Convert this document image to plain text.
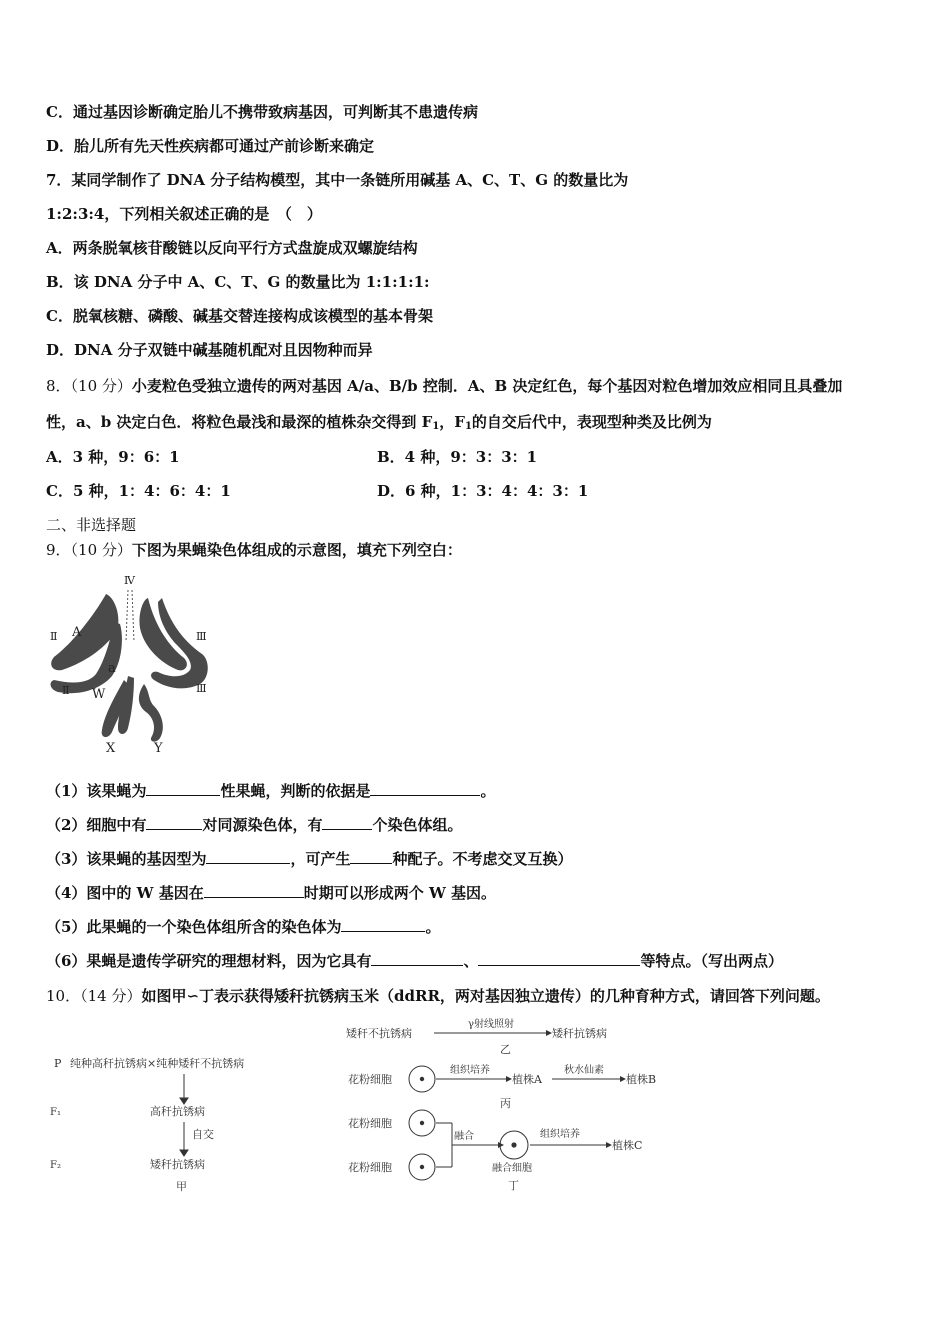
C．通过基因诊断确定胎儿不携带致病基因，可判断其不患遗传病
D．胎儿所有先天性疾病都可通过产前诊断来确定
7．某同学制作了 DNA 分子结构模型，其中一条链所用碱基 A、C、T、G 的数量比为
1:2:3:4，下列相关叙述正确的是　（　）
A．两条脱氧核苷酸链以反向平行方式盘旋成双螺旋结构
B．该 DNA 分子中 A、C、T、G 的数量比为 1:1:1:1:
C．脱氧核糖、磷酸、碱基交替连接构成该模型的基本骨架
D．DNA 分子双链中碱基随机配对且因物种而异
8．（10 分）小麦粒色受独立遗传的两对基因 A/a、B/b 控制．A、B 决定红色，每个基因对粒色增加效应相同且具叠加
性，a、b 决定白色．将粒色最浅和最深的植株杂交得到 $F_1$，$F_1$的自交后代中，表现型种类及比例为
A．3 种，9：6：1	B．4 种，9：3：3：1
C．5 种，1：4：6：4：1	D．6 种，1：3：4：4：3：1
二、非选择题
9．（10 分）下图为果蝇染色体组成的示意图，填充下列空白：
Ⅳ
Ⅱ	Ⅲ
A
a
Ⅱ	Ⅲ
W
X	Y
（1）该果蝇为	性果蝇，判断的依据是	。
（2）细胞中有	对同源染色体，有	个染色体组。
（3）该果蝇的基因型为	，可产生	种配子。不考虑交叉互换）
（4）图中的 W 基因在	时期可以形成两个 W 基因。
（5）此果蝇的一个染色体组所含的染色体为	。
（6）果蝇是遗传学研究的理想材料，因为它具有	、	等特点。（写出两点）
10．（14 分）如图甲∽丁表示获得矮秆抗锈病玉米（ddRR，两对基因独立遗传）的几种育种方式，请回答下列问题。
P 纯种高秆抗锈病×纯种矮秆不抗锈病
F₁	高秆抗锈病
自交
F₂	矮秆抗锈病
甲
矮秆不抗锈病
γ射线照射
矮秆抗锈病
乙
花粉细胞
组织培养
植株A
秋水仙素
植株B
丙
花粉细胞
花粉细胞
融合	组织培养
植株C
融合细胞
丁
